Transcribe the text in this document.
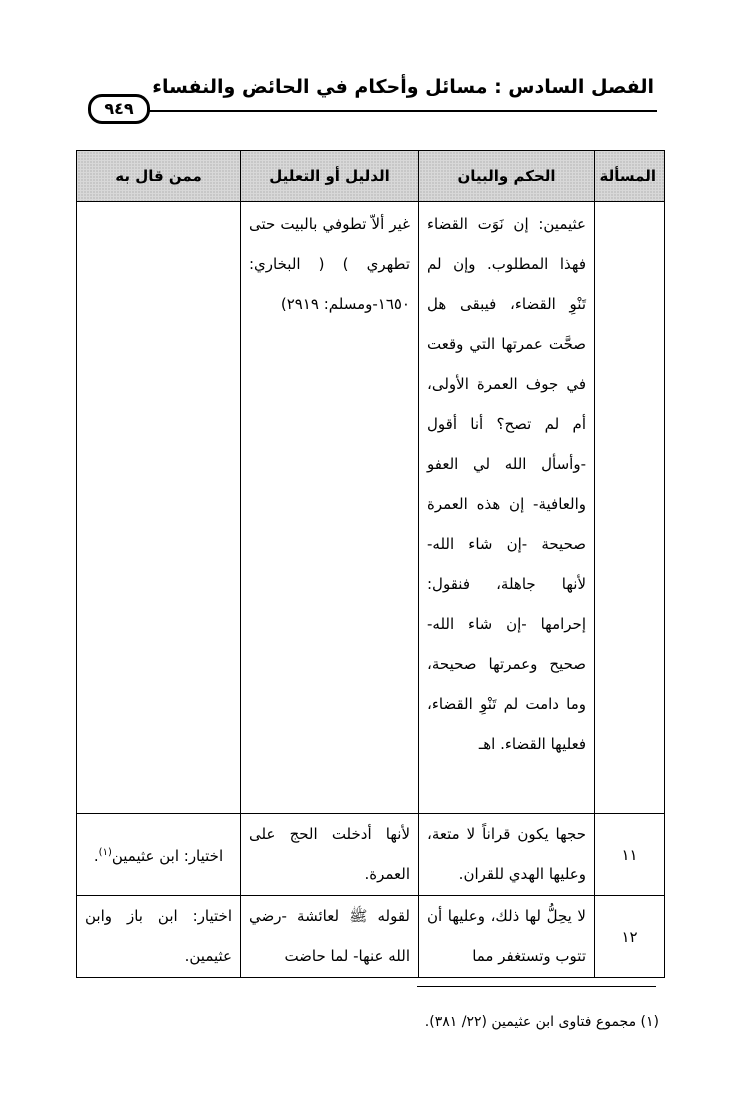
الفصل السادس : مسائل وأحكام في الحائض والنفساء
٩٤٩
المسألة	الحكم والبيان	الدليل أو التعليل	ممن قال به

	عثيمين: إن نَوَت القضاء فهذا المطلوب. وإن لم تَنْوِ القضاء، فيبقى هل صحَّت عمرتها التي وقعت في جوف العمرة الأولى، أم لم تصح؟ أنا أقول -وأسأل الله لي العفو والعافية- إن هذه العمرة صحيحة -إن شاء الله- لأنها جاهلة، فنقول: إحرامها -إن شاء الله- صحيح وعمرتها صحيحة، وما دامت لم تَنْوِ القضاء، فعليها القضاء. اهـ	غير ألاّ تطوفي بالبيت حتى تطهري ) ( البخاري: ١٦٥٠-ومسلم: ٢٩١٩)	

١١	حجها يكون قراناً لا متعة، وعليها الهدي للقران.	لأنها أدخلت الحج على العمرة.	اختيار: ابن عثيمين$^{(١)}$.

١٢	لا يحِلُّ لها ذلك، وعليها أن تتوب وتستغفر مما	لقوله ﷺ لعائشة -رضي الله عنها- لما حاضت	اختيار: ابن باز وابن عثيمين.
(١) مجموع فتاوى ابن عثيمين (٢٢/ ٣٨١).
